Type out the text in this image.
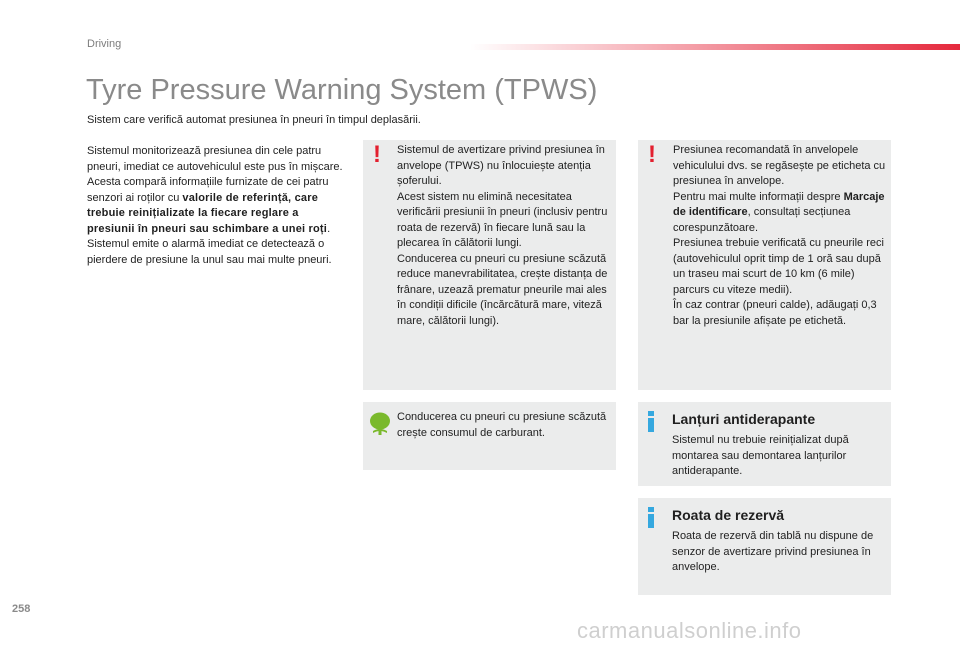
Driving
Tyre Pressure Warning System (TPWS)
Sistem care verifică automat presiunea în pneuri în timpul deplasării.

Sistemul monitorizează presiunea din cele patru pneuri, imediat ce autovehiculul este pus în mișcare.

Acesta compară informațiile furnizate de cei patru senzori ai roților cu valorile de referință, care trebuie reinițializate la fiecare reglare a presiunii în pneuri sau schimbare a unei roți.

Sistemul emite o alarmă imediat ce detectează o pierdere de presiune la unul sau mai multe pneuri.

! Sistemul de avertizare privind presiunea în anvelope (TPWS) nu înlocuiește atenția șoferului.

Acest sistem nu elimină necesitatea verificării presiunii în pneuri (inclusiv pentru roata de rezervă) în fiecare lună sau la plecarea în călătorii lungi.

Conducerea cu pneuri cu presiune scăzută reduce manevrabilitatea, crește distanța de frânare, uzează prematur pneurile mai ales în condiții dificile (încărcătură mare, viteză mare, călătorii lungi).

! Presiunea recomandată în anvelopele vehiculului dvs. se regăsește pe eticheta cu presiunea în anvelope.

Pentru mai multe informații despre Marcaje de identificare, consultați secțiunea corespunzătoare.

Presiunea trebuie verificată cu pneurile reci (autovehiculul oprit timp de 1 oră sau după un traseu mai scurt de 10 km (6 mile) parcurs cu viteze medii).

În caz contrar (pneuri calde), adăugați 0,3 bar la presiunile afișate pe etichetă.

Conducerea cu pneuri cu presiune scăzută crește consumul de carburant.

Lanțuri antiderapante

Sistemul nu trebuie reinițializat după montarea sau demontarea lanțurilor antiderapante.

Roata de rezervă

Roata de rezervă din tablă nu dispune de senzor de avertizare privind presiunea în anvelope.

258
carmanualsonline.info
